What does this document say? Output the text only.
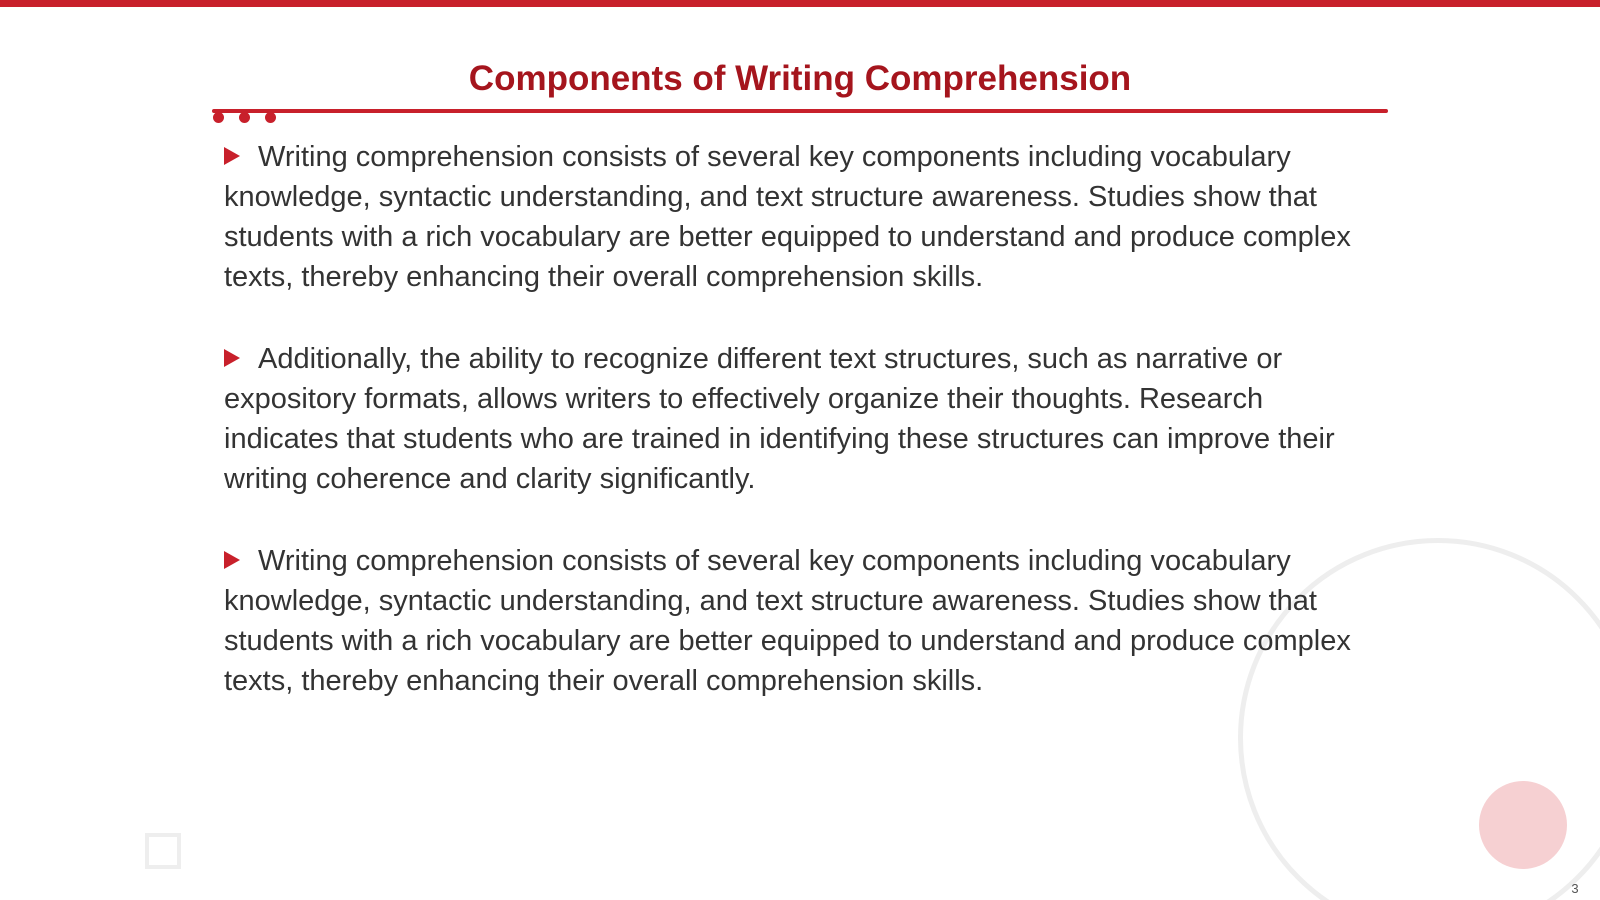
Components of Writing Comprehension

Writing comprehension consists of several key components including vocabulary knowledge, syntactic understanding, and text structure awareness. Studies show that students with a rich vocabulary are better equipped to understand and produce complex texts, thereby enhancing their overall comprehension skills.

Additionally, the ability to recognize different text structures, such as narrative or expository formats, allows writers to effectively organize their thoughts. Research indicates that students who are trained in identifying these structures can improve their writing coherence and clarity significantly.

Writing comprehension consists of several key components including vocabulary knowledge, syntactic understanding, and text structure awareness. Studies show that students with a rich vocabulary are better equipped to understand and produce complex texts, thereby enhancing their overall comprehension skills.

3
